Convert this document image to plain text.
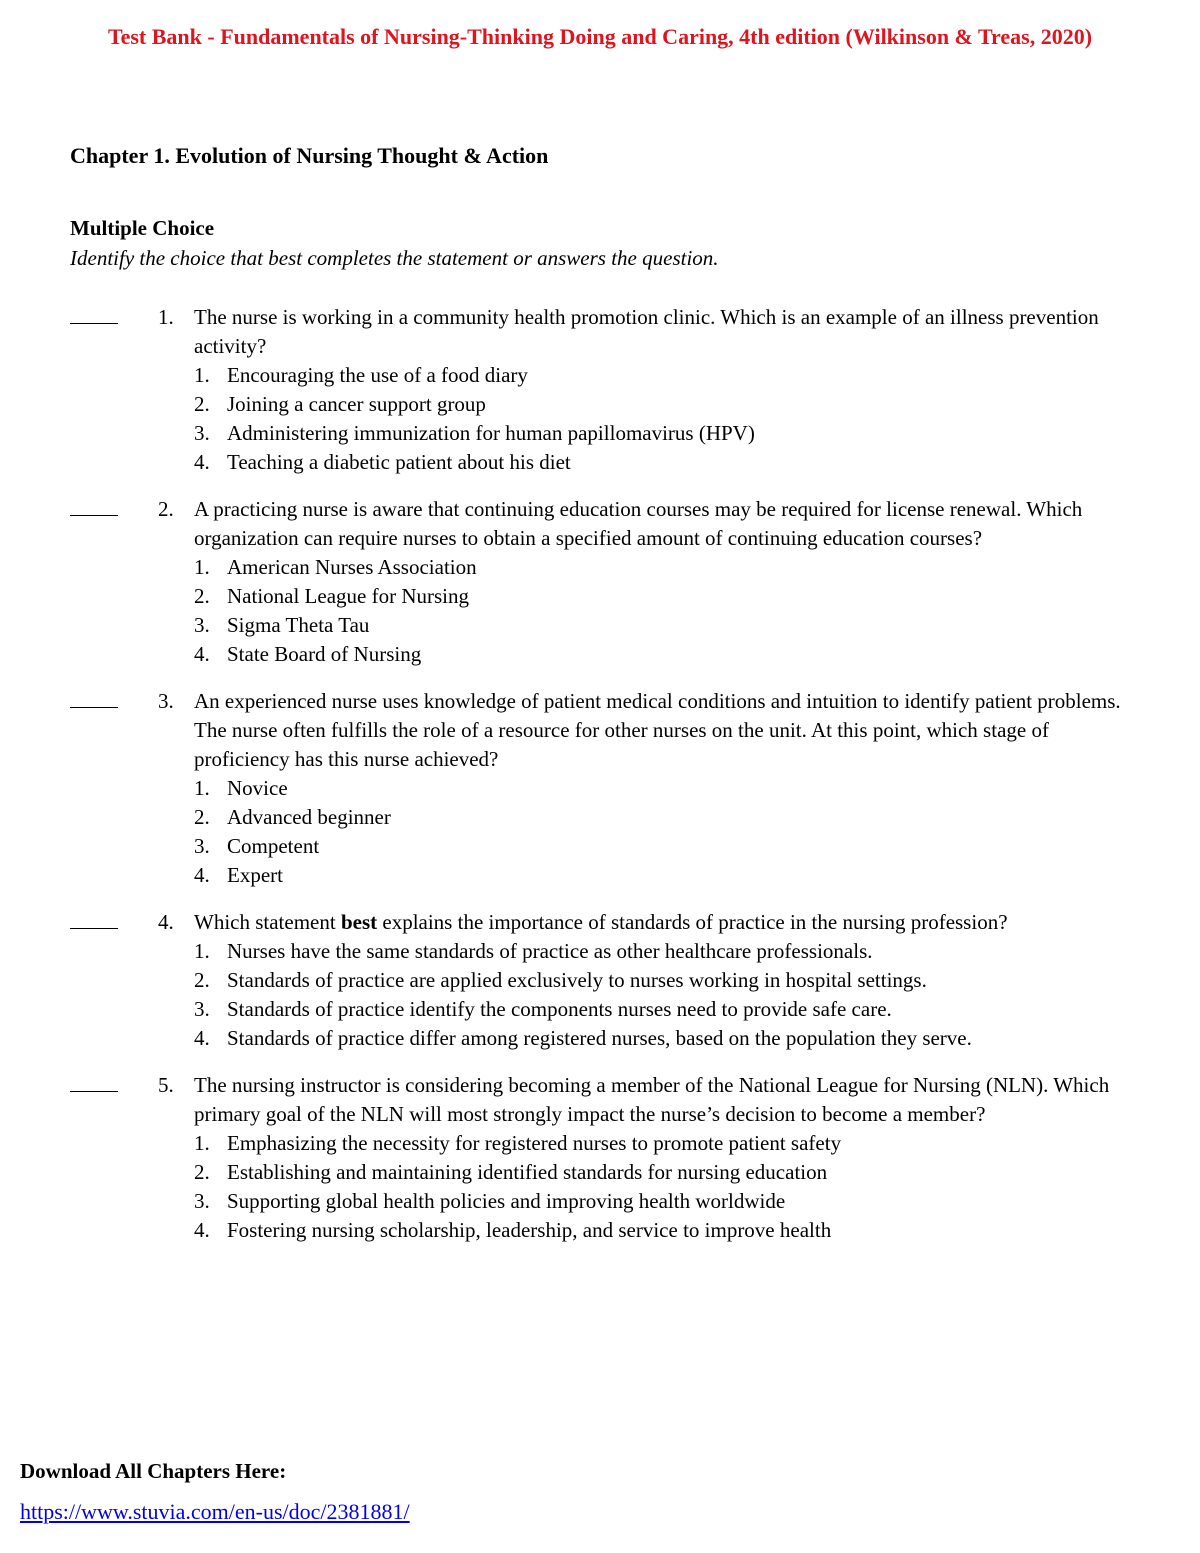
Test Bank - Fundamentals of Nursing-Thinking Doing and Caring, 4th edition (Wilkinson & Treas, 2020)
Chapter 1. Evolution of Nursing Thought & Action
Multiple Choice
Identify the choice that best completes the statement or answers the question.
1. The nurse is working in a community health promotion clinic. Which is an example of an illness prevention activity?

1. Encouraging the use of a food diary
2. Joining a cancer support group
3. Administering immunization for human papillomavirus (HPV)
4. Teaching a diabetic patient about his diet
2. A practicing nurse is aware that continuing education courses may be required for license renewal. Which organization can require nurses to obtain a specified amount of continuing education courses?

1. American Nurses Association
2. National League for Nursing
3. Sigma Theta Tau
4. State Board of Nursing
3. An experienced nurse uses knowledge of patient medical conditions and intuition to identify patient problems. The nurse often fulfills the role of a resource for other nurses on the unit. At this point, which stage of proficiency has this nurse achieved?

1. Novice
2. Advanced beginner
3. Competent
4. Expert
4. Which statement best explains the importance of standards of practice in the nursing profession?

1. Nurses have the same standards of practice as other healthcare professionals.
2. Standards of practice are applied exclusively to nurses working in hospital settings.
3. Standards of practice identify the components nurses need to provide safe care.
4. Standards of practice differ among registered nurses, based on the population they serve.
5. The nursing instructor is considering becoming a member of the National League for Nursing (NLN). Which primary goal of the NLN will most strongly impact the nurse’s decision to become a member?

1. Emphasizing the necessity for registered nurses to promote patient safety
2. Establishing and maintaining identified standards for nursing education
3. Supporting global health policies and improving health worldwide
4. Fostering nursing scholarship, leadership, and service to improve health
Download All Chapters Here:
https://www.stuvia.com/en-us/doc/2381881/
